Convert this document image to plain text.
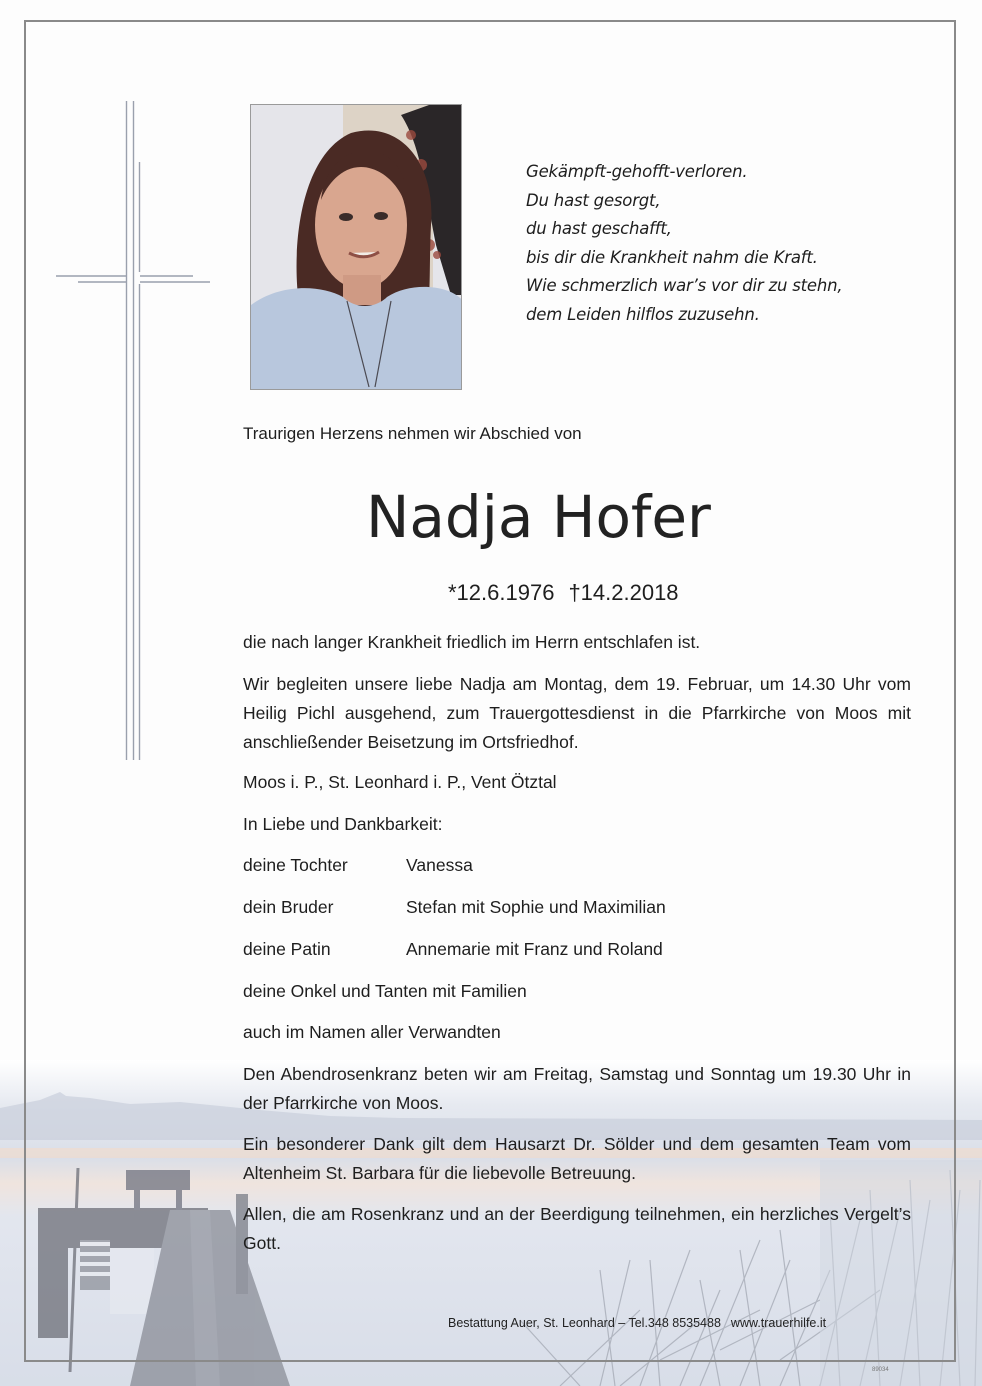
Gekämpft-gehofft-verloren.
Du hast gesorgt,
du hast geschafft,
bis dir die Krankheit nahm die Kraft.
Wie schmerzlich war’s vor dir zu stehn,
dem Leiden hilflos zuzusehn.
Traurigen Herzens nehmen wir Abschied von
Nadja Hofer
*12.6.1976 †14.2.2018
die nach langer Krankheit friedlich im Herrn entschlafen ist.
Wir begleiten unsere liebe Nadja am Montag, dem 19. Februar, um 14.30 Uhr vom Heilig Pichl ausgehend, zum Trauergottesdienst in die Pfarrkirche von Moos mit anschließender Beisetzung im Ortsfriedhof.
Moos i. P., St. Leonhard i. P., Vent Ötztal
In Liebe und Dankbarkeit:
deine Tochter	Vanessa
dein Bruder	Stefan mit Sophie und Maximilian
deine Patin	Annemarie mit Franz und Roland
deine Onkel und Tanten mit Familien
auch im Namen aller Verwandten
Den Abendrosenkranz beten wir am Freitag, Samstag und Sonntag um 19.30 Uhr in der Pfarrkirche von Moos.
Ein besonderer Dank gilt dem Hausarzt Dr. Sölder und dem gesamten Team vom Altenheim St. Barbara für die liebevolle Betreuung.
Allen, die am Rosenkranz und an der Beerdigung teilnehmen, ein herzliches Vergelt’s Gott.
Bestattung Auer, St. Leonhard – Tel.348 8535488 www.trauerhilfe.it
89034
